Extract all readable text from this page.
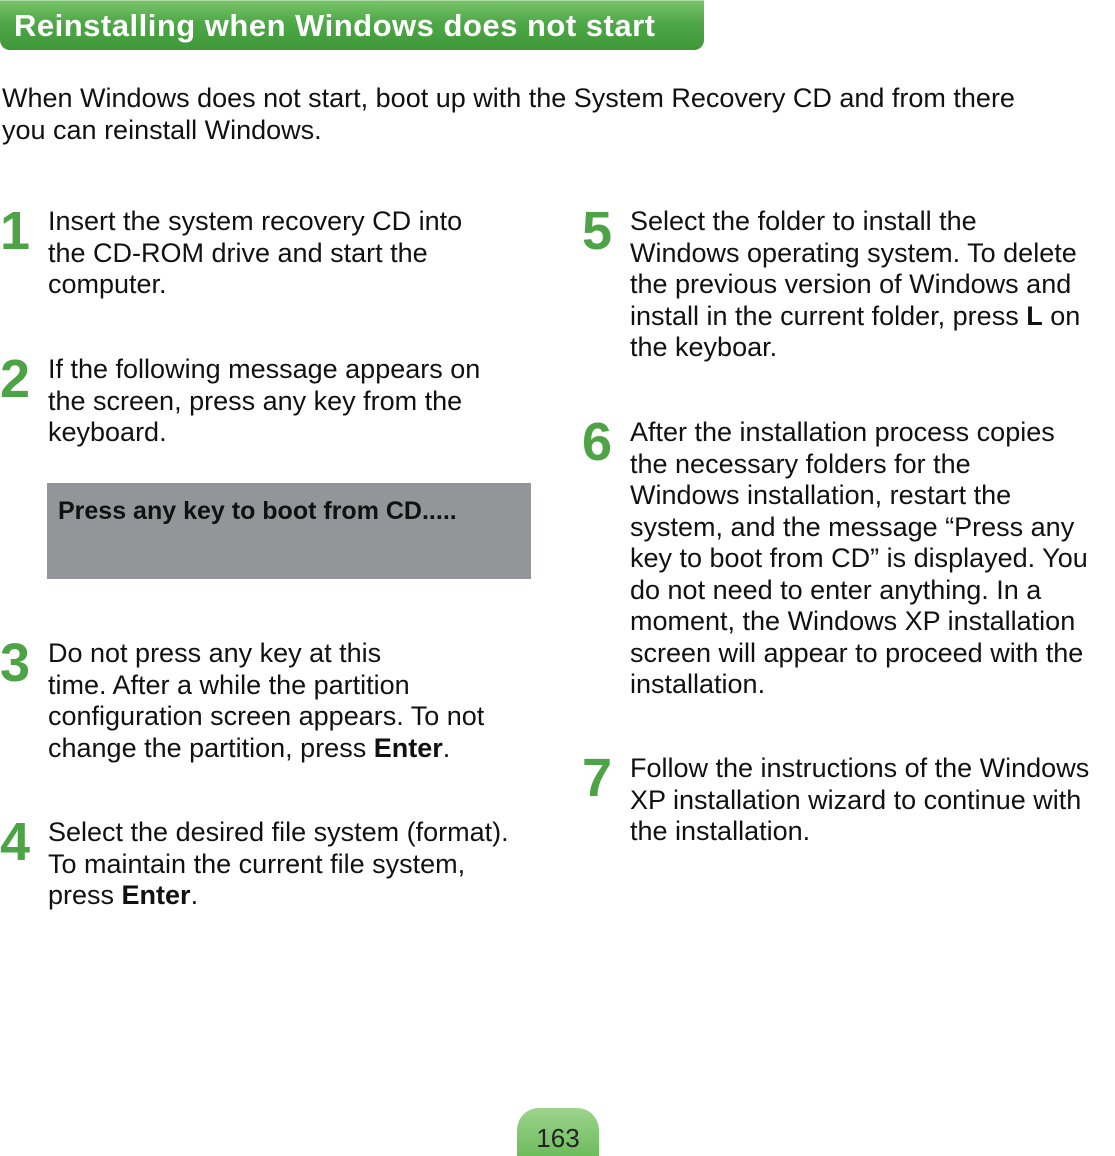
Reinstalling when Windows does not start
When Windows does not start, boot up with the System Recovery CD and from there
you can reinstall Windows.
1 Insert the system recovery CD into
the CD-ROM drive and start the
computer.
2 If the following message appears on
the screen, press any key from the
keyboard.
Press any key to boot from CD.....
3 Do not press any key at this
time. After a while the partition
configuration screen appears. To not
change the partition, press Enter.
4 Select the desired file system (format).
To maintain the current file system,
press Enter.
5 Select the folder to install the
Windows operating system. To delete
the previous version of Windows and
install in the current folder, press L on
the keyboar.
6 After the installation process copies
the necessary folders for the
Windows installation, restart the
system, and the message “Press any
key to boot from CD” is displayed. You
do not need to enter anything. In a
moment, the Windows XP installation
screen will appear to proceed with the
installation.
7 Follow the instructions of the Windows
XP installation wizard to continue with
the installation.
163
